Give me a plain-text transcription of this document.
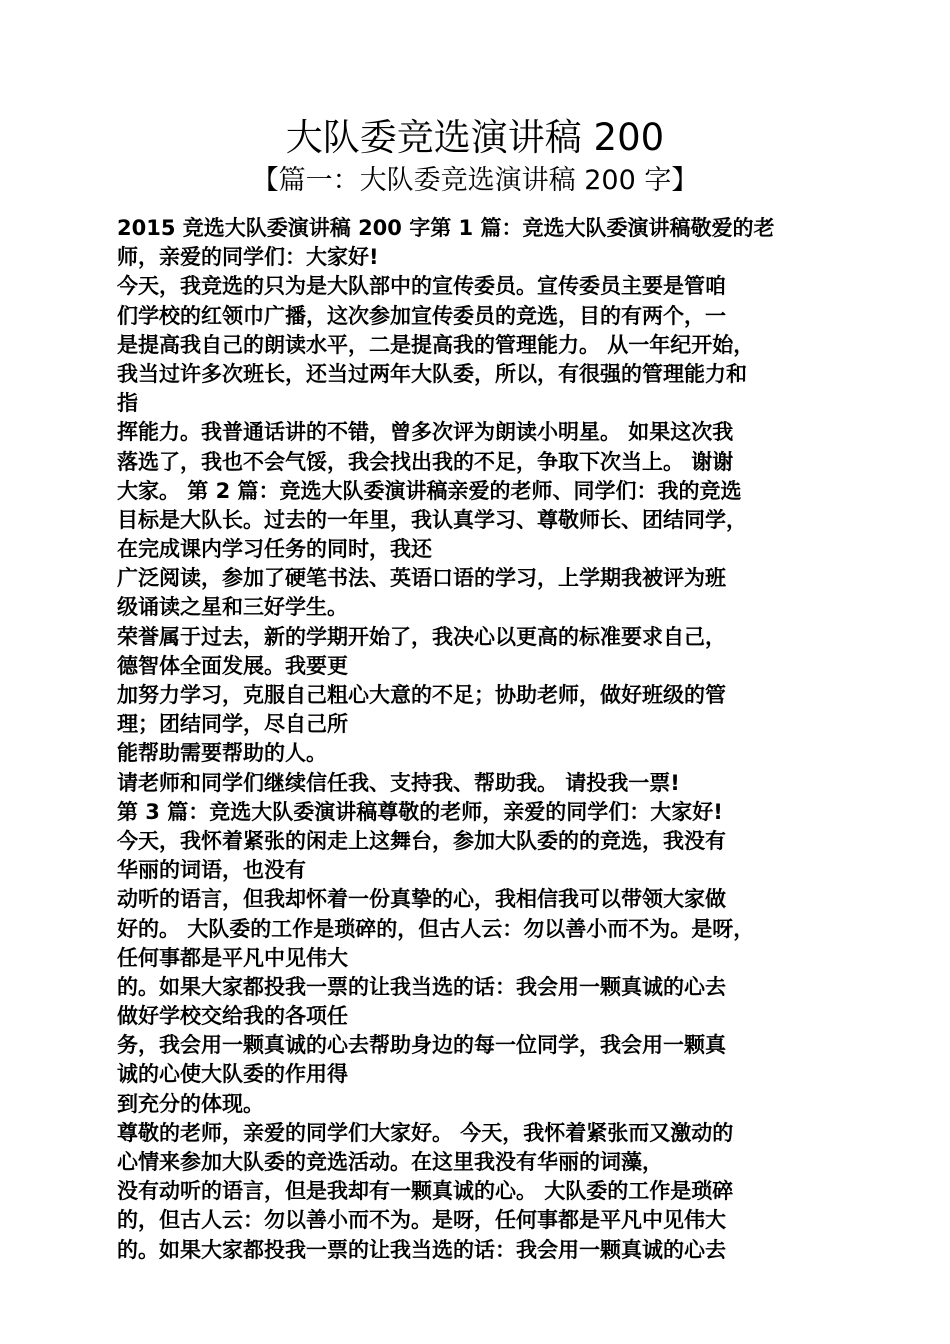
大队委竞选演讲稿 200
【篇一：大队委竞选演讲稿 200 字】
2015 竞选大队委演讲稿 200 字第 1 篇：竞选大队委演讲稿敬爱的老
师，亲爱的同学们：大家好!
今天，我竞选的只为是大队部中的宣传委员。宣传委员主要是管咱
们学校的红领巾广播，这次参加宣传委员的竞选，目的有两个，一
是提高我自己的朗读水平，二是提高我的管理能力。 从一年纪开始，
我当过许多次班长，还当过两年大队委，所以，有很强的管理能力和
指
挥能力。我普通话讲的不错，曾多次评为朗读小明星。 如果这次我
落选了，我也不会气馁，我会找出我的不足，争取下次当上。 谢谢
大家。 第 2 篇：竞选大队委演讲稿亲爱的老师、同学们：我的竞选
目标是大队长。过去的一年里，我认真学习、尊敬师长、团结同学，
在完成课内学习任务的同时，我还
广泛阅读，参加了硬笔书法、英语口语的学习，上学期我被评为班
级诵读之星和三好学生。
荣誉属于过去，新的学期开始了，我决心以更高的标准要求自己，
德智体全面发展。我要更
加努力学习，克服自己粗心大意的不足；协助老师，做好班级的管
理；团结同学，尽自己所
能帮助需要帮助的人。
请老师和同学们继续信任我、支持我、帮助我。 请投我一票!
第 3 篇：竞选大队委演讲稿尊敬的老师，亲爱的同学们：大家好!
今天，我怀着紧张的闲走上这舞台，参加大队委的的竞选，我没有
华丽的词语，也没有
动听的语言，但我却怀着一份真挚的心，我相信我可以带领大家做
好的。 大队委的工作是琐碎的，但古人云：勿以善小而不为。是呀，
任何事都是平凡中见伟大
的。如果大家都投我一票的让我当选的话：我会用一颗真诚的心去
做好学校交给我的各项任
务，我会用一颗真诚的心去帮助身边的每一位同学，我会用一颗真
诚的心使大队委的作用得
到充分的体现。
尊敬的老师，亲爱的同学们大家好。 今天，我怀着紧张而又激动的
心情来参加大队委的竞选活动。在这里我没有华丽的词藻，
没有动听的语言，但是我却有一颗真诚的心。 大队委的工作是琐碎
的，但古人云：勿以善小而不为。是呀，任何事都是平凡中见伟大
的。如果大家都投我一票的让我当选的话：我会用一颗真诚的心去
